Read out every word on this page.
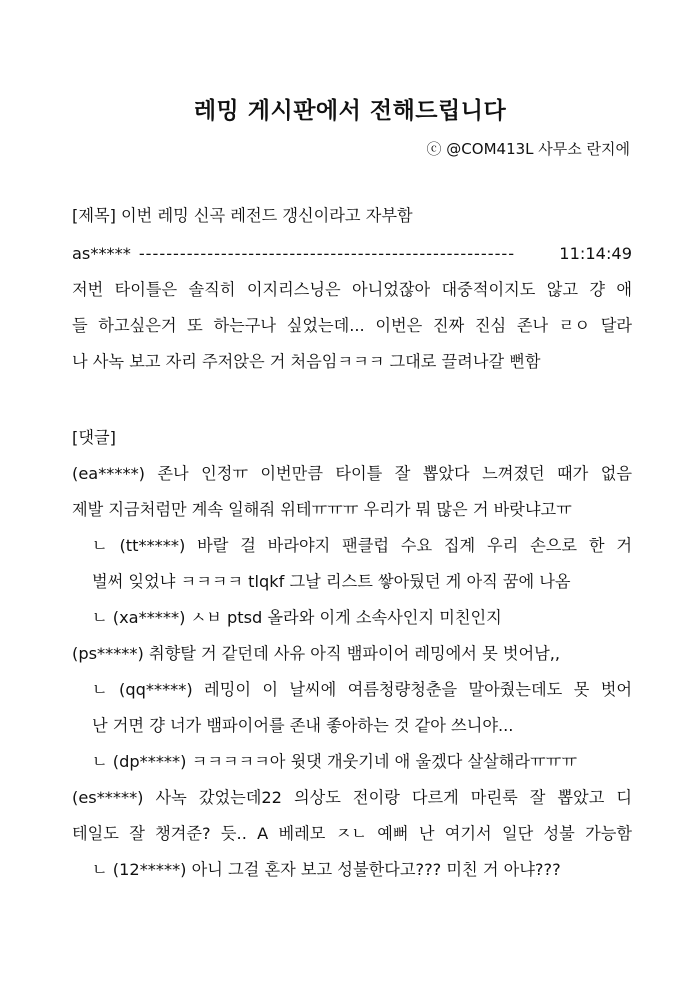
레밍 게시판에서 전해드립니다
ⓒ @COM413L 사무소 란지에
[제목] 이번 레밍 신곡 레전드 갱신이라고 자부함
as***** -------------------------------------------------------	11:14:49
저번 타이틀은 솔직히 이지리스닝은 아니었잖아 대중적이지도 않고 걍 애
들 하고싶은거 또 하는구나 싶었는데... 이번은 진짜 진심 존나 ㄹㅇ 달라
나 사녹 보고 자리 주저앉은 거 처음임ㅋㅋㅋ 그대로 끌려나갈 뻔함
[댓글]
(ea*****) 존나 인정ㅠ 이번만큼 타이틀 잘 뽑았다 느껴졌던 때가 없음
제발 지금처럼만 계속 일해줘 위테ㅠㅠㅠ 우리가 뭐 많은 거 바랏냐고ㅠ
ㄴ (tt*****) 바랄 걸 바라야지 팬클럽 수요 집계 우리 손으로 한 거
벌써 잊었냐 ㅋㅋㅋㅋ tlqkf 그날 리스트 쌓아뒀던 게 아직 꿈에 나옴
ㄴ (xa*****) ㅅㅂ ptsd 올라와 이게 소속사인지 미친인지
(ps*****) 취향탈 거 같던데 사유 아직 뱀파이어 레밍에서 못 벗어남,,
ㄴ (qq*****) 레밍이 이 날씨에 여름청량청춘을 말아줬는데도 못 벗어
난 거면 걍 너가 뱀파이어를 존내 좋아하는 것 같아 쓰니야...
ㄴ (dp*****) ㅋㅋㅋㅋㅋ아 윗댓 개웃기네 애 울겠다 살살해라ㅠㅠㅠ
(es*****) 사녹 갔었는데22 의상도 전이랑 다르게 마린룩 잘 뽑았고 디
테일도 잘 챙겨준? 듯.. A 베레모 ㅈㄴ 예뻐 난 여기서 일단 성불 가능함
ㄴ (12*****) 아니 그걸 혼자 보고 성불한다고??? 미친 거 아냐???
